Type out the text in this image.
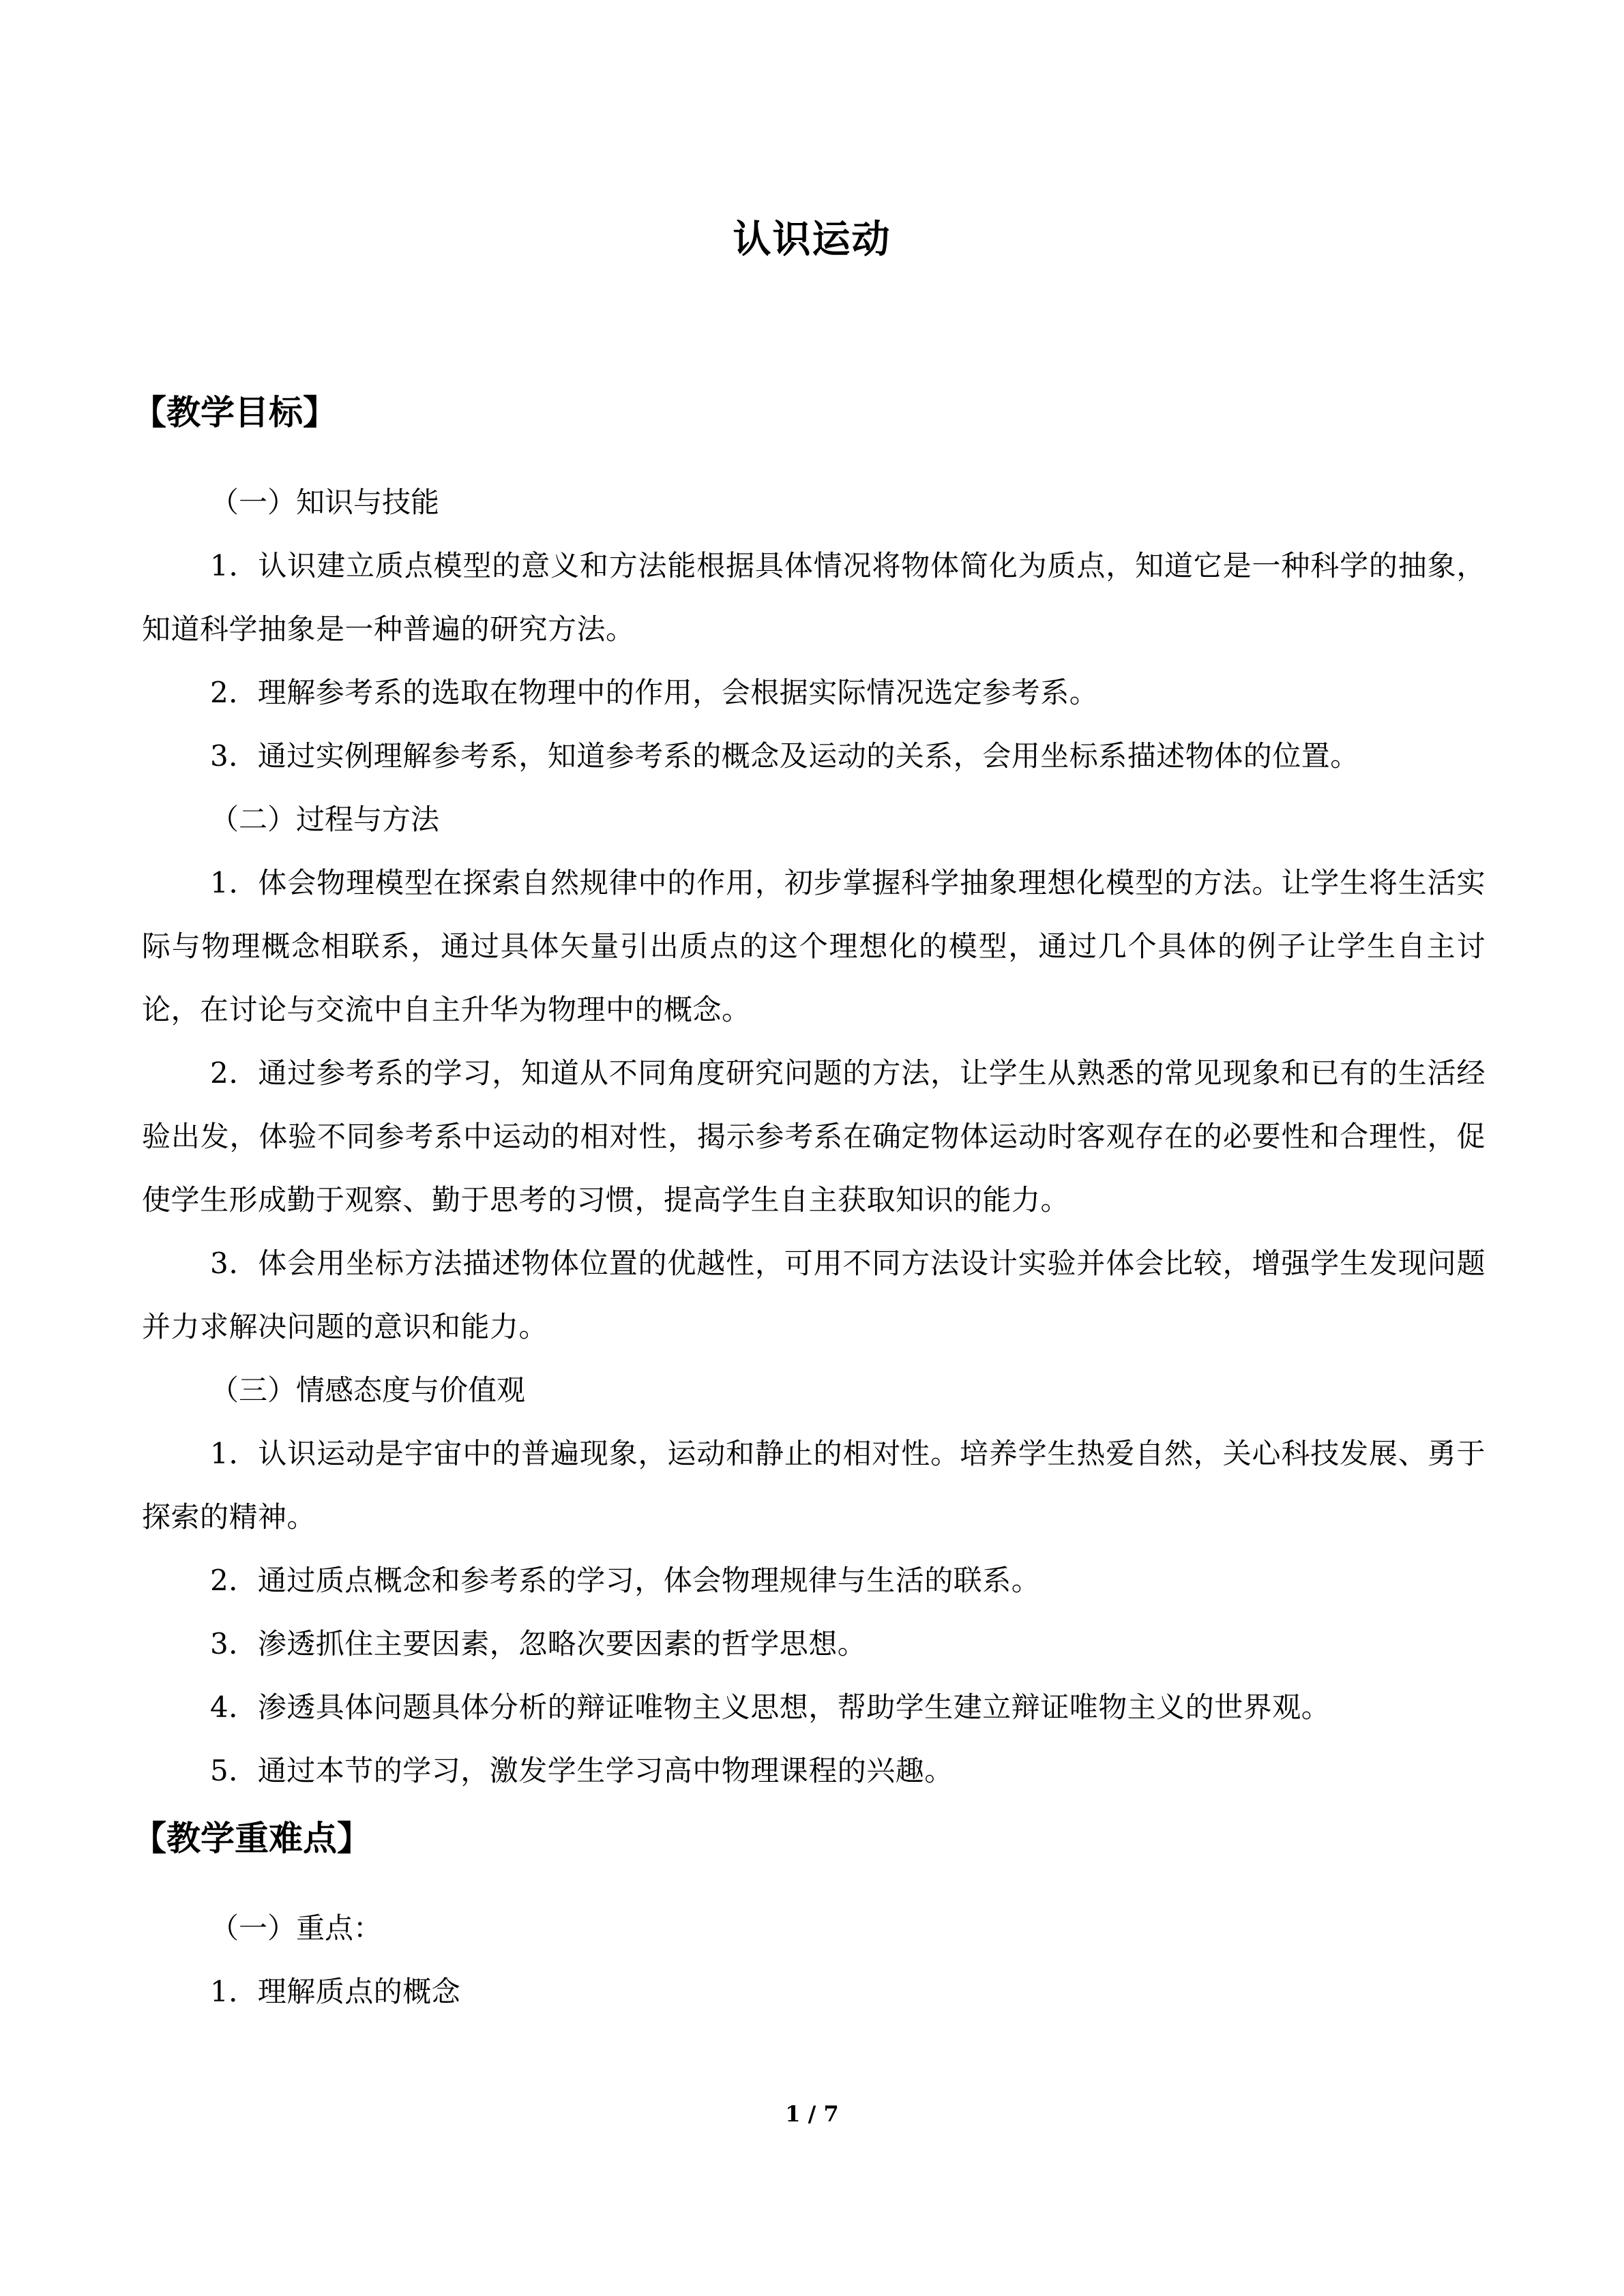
认识运动
【教学目标】

（一）知识与技能

1．认识建立质点模型的意义和方法能根据具体情况将物体简化为质点，知道它是一种科学的抽象，知道科学抽象是一种普遍的研究方法。

2．理解参考系的选取在物理中的作用，会根据实际情况选定参考系。

3．通过实例理解参考系，知道参考系的概念及运动的关系，会用坐标系描述物体的位置。

（二）过程与方法

1．体会物理模型在探索自然规律中的作用，初步掌握科学抽象理想化模型的方法。让学生将生活实际与物理概念相联系，通过具体矢量引出质点的这个理想化的模型，通过几个具体的例子让学生自主讨论，在讨论与交流中自主升华为物理中的概念。

2．通过参考系的学习，知道从不同角度研究问题的方法，让学生从熟悉的常见现象和已有的生活经验出发，体验不同参考系中运动的相对性，揭示参考系在确定物体运动时客观存在的必要性和合理性，促使学生形成勤于观察、勤于思考的习惯，提高学生自主获取知识的能力。

3．体会用坐标方法描述物体位置的优越性，可用不同方法设计实验并体会比较，增强学生发现问题并力求解决问题的意识和能力。

（三）情感态度与价值观

1．认识运动是宇宙中的普遍现象，运动和静止的相对性。培养学生热爱自然，关心科技发展、勇于探索的精神。

2．通过质点概念和参考系的学习，体会物理规律与生活的联系。

3．渗透抓住主要因素，忽略次要因素的哲学思想。

4．渗透具体问题具体分析的辩证唯物主义思想，帮助学生建立辩证唯物主义的世界观。

5．通过本节的学习，激发学生学习高中物理课程的兴趣。

【教学重难点】

（一）重点：

1．理解质点的概念

1 / 7
